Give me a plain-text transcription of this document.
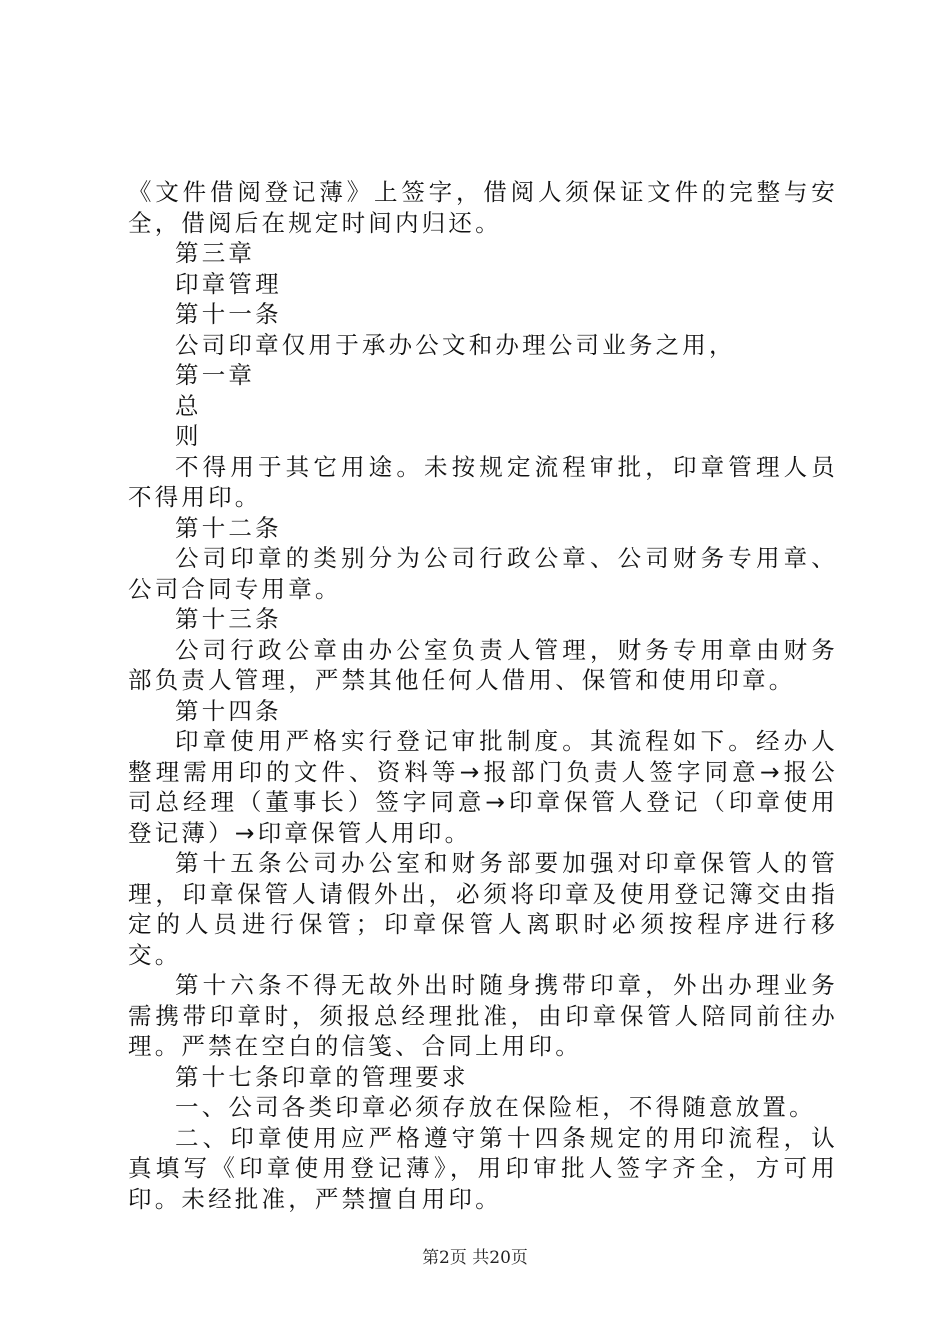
《文件借阅登记薄》上签字，借阅人须保证文件的完整与安全，借阅后在规定时间内归还。

第三章

印章管理

第十一条

公司印章仅用于承办公文和办理公司业务之用，

第一章

总

则

不得用于其它用途。未按规定流程审批，印章管理人员不得用印。

第十二条

公司印章的类别分为公司行政公章、公司财务专用章、公司合同专用章。

第十三条

公司行政公章由办公室负责人管理，财务专用章由财务部负责人管理，严禁其他任何人借用、保管和使用印章。

第十四条

印章使用严格实行登记审批制度。其流程如下。经办人整理需用印的文件、资料等→报部门负责人签字同意→报公司总经理（董事长）签字同意→印章保管人登记（印章使用登记薄）→印章保管人用印。

第十五条公司办公室和财务部要加强对印章保管人的管理，印章保管人请假外出，必须将印章及使用登记簿交由指定的人员进行保管；印章保管人离职时必须按程序进行移交。

第十六条不得无故外出时随身携带印章，外出办理业务需携带印章时，须报总经理批准，由印章保管人陪同前往办理。严禁在空白的信笺、合同上用印。

第十七条印章的管理要求

一、公司各类印章必须存放在保险柜，不得随意放置。

二、印章使用应严格遵守第十四条规定的用印流程，认真填写《印章使用登记薄》，用印审批人签字齐全，方可用印。未经批准，严禁擅自用印。

第2页 共20页
